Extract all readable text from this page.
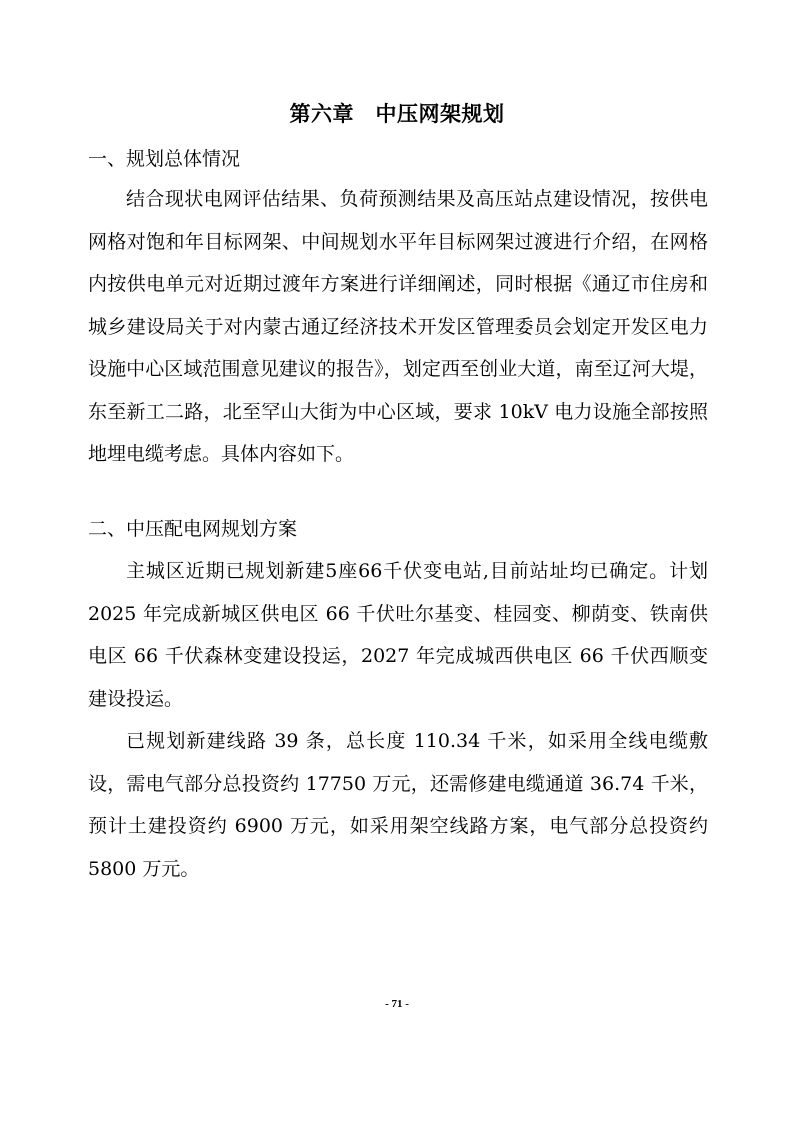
第六章　中压网架规划
一、规划总体情况
结合现状电网评估结果、负荷预测结果及高压站点建设情况，按供电网格对饱和年目标网架、中间规划水平年目标网架过渡进行介绍，在网格内按供电单元对近期过渡年方案进行详细阐述，同时根据《通辽市住房和城乡建设局关于对内蒙古通辽经济技术开发区管理委员会划定开发区电力设施中心区域范围意见建议的报告》，划定西至创业大道，南至辽河大堤，东至新工二路，北至罕山大街为中心区域，要求 10kV 电力设施全部按照地埋电缆考虑。具体内容如下。
二、中压配电网规划方案
主城区近期已规划新建5座66千伏变电站,目前站址均已确定。计划 2025 年完成新城区供电区 66 千伏吐尔基变、桂园变、柳荫变、铁南供电区 66 千伏森林变建设投运，2027 年完成城西供电区 66 千伏西顺变建设投运。
已规划新建线路 39 条，总长度 110.34 千米，如采用全线电缆敷设，需电气部分总投资约 17750 万元，还需修建电缆通道 36.74 千米，预计土建投资约 6900 万元，如采用架空线路方案，电气部分总投资约 5800 万元。
- 71 -
